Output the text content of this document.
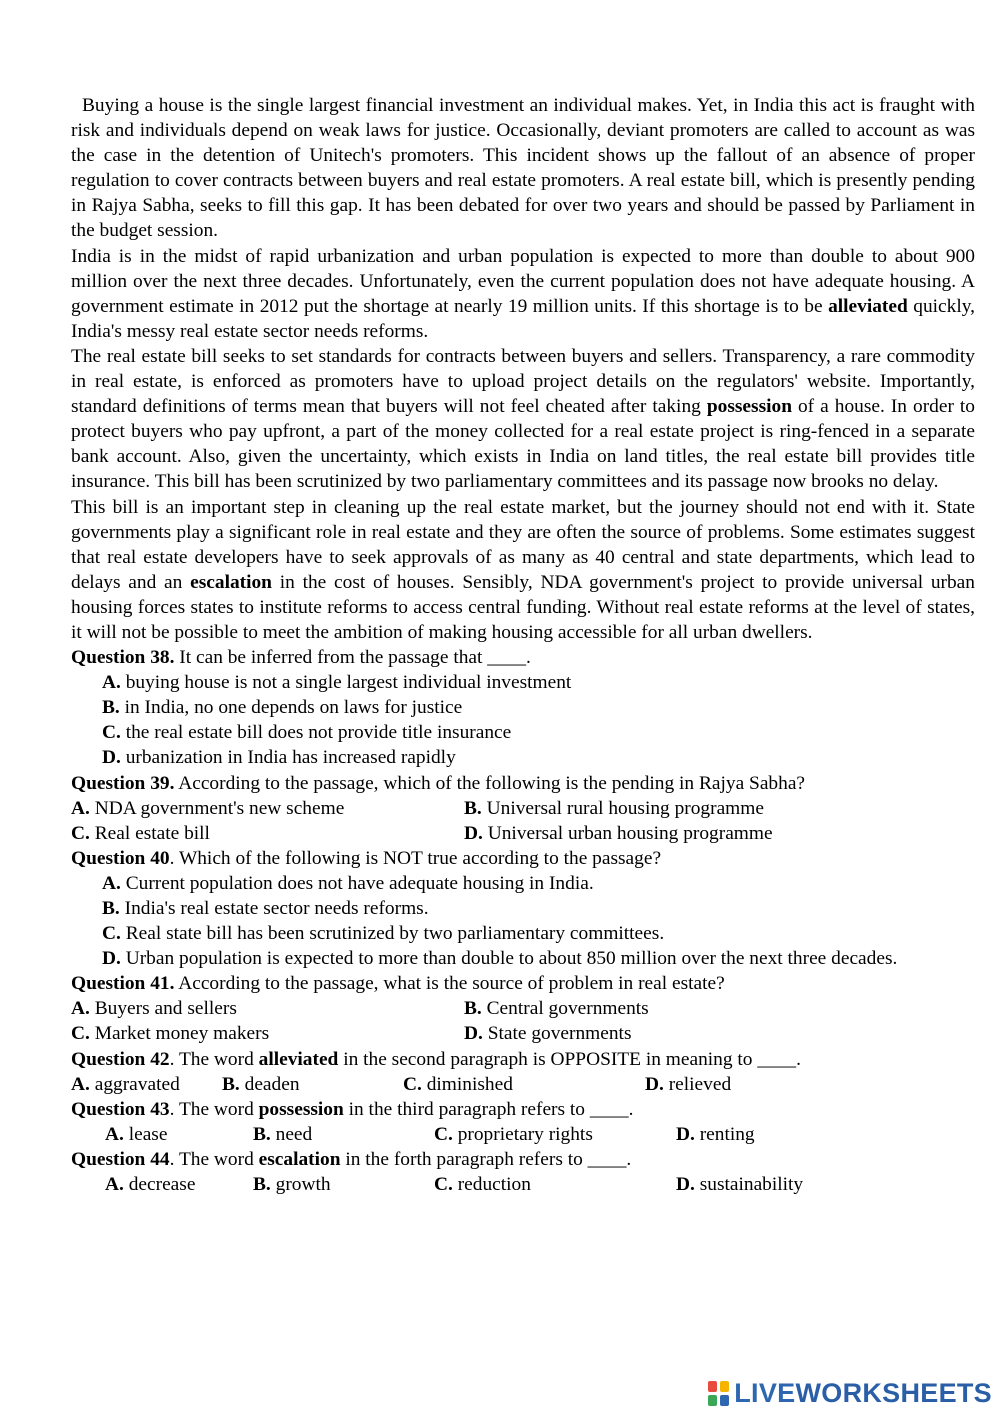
Buying a house is the single largest financial investment an individual makes. Yet, in India this act is fraught with risk and individuals depend on weak laws for justice. Occasionally, deviant promoters are called to account as was the case in the detention of Unitech's promoters. This incident shows up the fallout of an absence of proper regulation to cover contracts between buyers and real estate promoters. A real estate bill, which is presently pending in Rajya Sabha, seeks to fill this gap. It has been debated for over two years and should be passed by Parliament in the budget session.

India is in the midst of rapid urbanization and urban population is expected to more than double to about 900 million over the next three decades. Unfortunately, even the current population does not have adequate housing. A government estimate in 2012 put the shortage at nearly 19 million units. If this shortage is to be alleviated quickly, India's messy real estate sector needs reforms.

The real estate bill seeks to set standards for contracts between buyers and sellers. Transparency, a rare commodity in real estate, is enforced as promoters have to upload project details on the regulators' website. Importantly, standard definitions of terms mean that buyers will not feel cheated after taking possession of a house. In order to protect buyers who pay upfront, a part of the money collected for a real estate project is ring-fenced in a separate bank account. Also, given the uncertainty, which exists in India on land titles, the real estate bill provides title insurance. This bill has been scrutinized by two parliamentary committees and its passage now brooks no delay.

This bill is an important step in cleaning up the real estate market, but the journey should not end with it. State governments play a significant role in real estate and they are often the source of problems. Some estimates suggest that real estate developers have to seek approvals of as many as 40 central and state departments, which lead to delays and an escalation in the cost of houses. Sensibly, NDA government's project to provide universal urban housing forces states to institute reforms to access central funding. Without real estate reforms at the level of states, it will not be possible to meet the ambition of making housing accessible for all urban dwellers.

Question 38. It can be inferred from the passage that ____.

A. buying house is not a single largest individual investment

B. in India, no one depends on laws for justice

C. the real estate bill does not provide title insurance

D. urbanization in India has increased rapidly

Question 39. According to the passage, which of the following is the pending in Rajya Sabha?

A. NDA government's new scheme	B. Universal rural housing programme
C. Real estate bill	D. Universal urban housing programme

Question 40. Which of the following is NOT true according to the passage?

A. Current population does not have adequate housing in India.

B. India's real estate sector needs reforms.

C. Real state bill has been scrutinized by two parliamentary committees.

D. Urban population is expected to more than double to about 850 million over the next three decades.

Question 41. According to the passage, what is the source of problem in real estate?

A. Buyers and sellers	B. Central governments
C. Market money makers	D. State governments

Question 42. The word alleviated in the second paragraph is OPPOSITE in meaning to ____.

A. aggravated	B. deaden	C. diminished	D. relieved

Question 43. The word possession in the third paragraph refers to ____.

A. lease	B. need	C. proprietary rights	D. renting

Question 44. The word escalation in the forth paragraph refers to ____.

A. decrease	B. growth	C. reduction	D. sustainability
LIVEWORKSHEETS
